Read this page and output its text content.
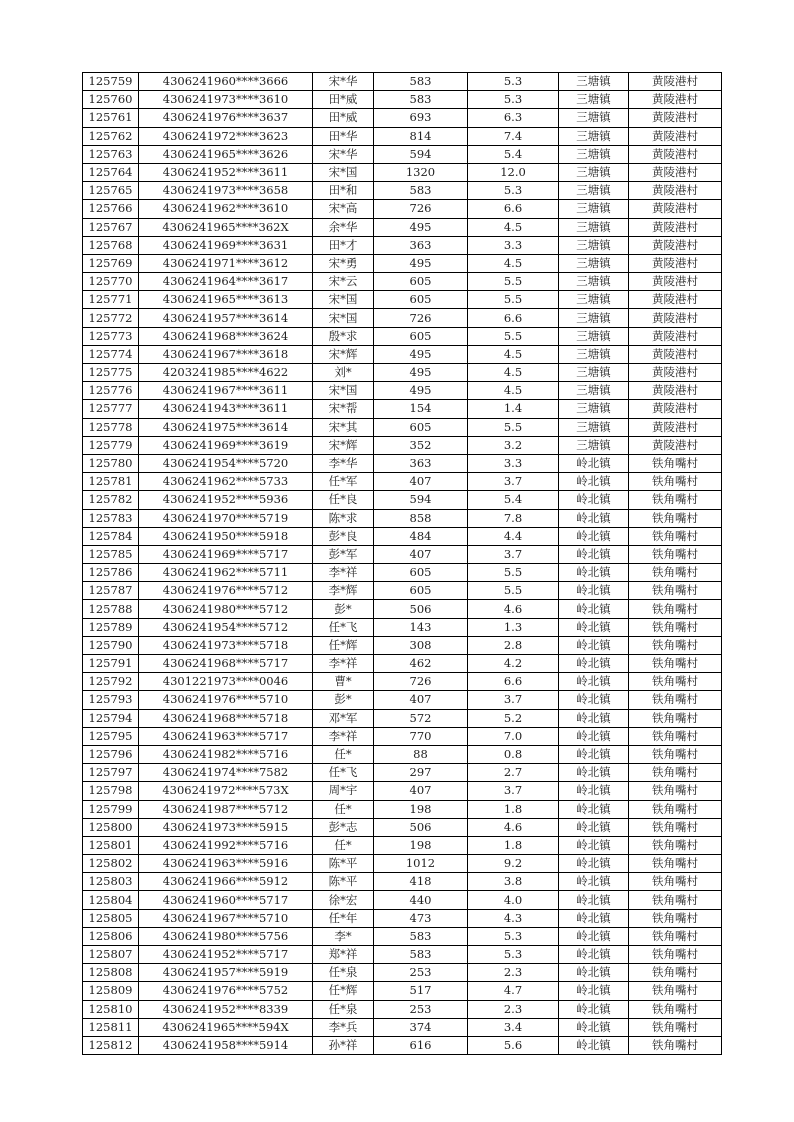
125759	4306241960****3666	宋*华	583	5.3	三塘镇	黄陵港村
125760	4306241973****3610	田*威	583	5.3	三塘镇	黄陵港村
125761	4306241976****3637	田*威	693	6.3	三塘镇	黄陵港村
125762	4306241972****3623	田*华	814	7.4	三塘镇	黄陵港村
125763	4306241965****3626	宋*华	594	5.4	三塘镇	黄陵港村
125764	4306241952****3611	宋*国	1320	12.0	三塘镇	黄陵港村
125765	4306241973****3658	田*和	583	5.3	三塘镇	黄陵港村
125766	4306241962****3610	宋*高	726	6.6	三塘镇	黄陵港村
125767	4306241965****362X	余*华	495	4.5	三塘镇	黄陵港村
125768	4306241969****3631	田*才	363	3.3	三塘镇	黄陵港村
125769	4306241971****3612	宋*勇	495	4.5	三塘镇	黄陵港村
125770	4306241964****3617	宋*云	605	5.5	三塘镇	黄陵港村
125771	4306241965****3613	宋*国	605	5.5	三塘镇	黄陵港村
125772	4306241957****3614	宋*国	726	6.6	三塘镇	黄陵港村
125773	4306241968****3624	殷*求	605	5.5	三塘镇	黄陵港村
125774	4306241967****3618	宋*辉	495	4.5	三塘镇	黄陵港村
125775	4203241985****4622	刘*	495	4.5	三塘镇	黄陵港村
125776	4306241967****3611	宋*国	495	4.5	三塘镇	黄陵港村
125777	4306241943****3611	宋*帮	154	1.4	三塘镇	黄陵港村
125778	4306241975****3614	宋*其	605	5.5	三塘镇	黄陵港村
125779	4306241969****3619	宋*辉	352	3.2	三塘镇	黄陵港村
125780	4306241954****5720	李*华	363	3.3	岭北镇	铁角嘴村
125781	4306241962****5733	任*军	407	3.7	岭北镇	铁角嘴村
125782	4306241952****5936	任*良	594	5.4	岭北镇	铁角嘴村
125783	4306241970****5719	陈*求	858	7.8	岭北镇	铁角嘴村
125784	4306241950****5918	彭*良	484	4.4	岭北镇	铁角嘴村
125785	4306241969****5717	彭*军	407	3.7	岭北镇	铁角嘴村
125786	4306241962****5711	李*祥	605	5.5	岭北镇	铁角嘴村
125787	4306241976****5712	李*辉	605	5.5	岭北镇	铁角嘴村
125788	4306241980****5712	彭*	506	4.6	岭北镇	铁角嘴村
125789	4306241954****5712	任*飞	143	1.3	岭北镇	铁角嘴村
125790	4306241973****5718	任*辉	308	2.8	岭北镇	铁角嘴村
125791	4306241968****5717	李*祥	462	4.2	岭北镇	铁角嘴村
125792	4301221973****0046	曹*	726	6.6	岭北镇	铁角嘴村
125793	4306241976****5710	彭*	407	3.7	岭北镇	铁角嘴村
125794	4306241968****5718	邓*军	572	5.2	岭北镇	铁角嘴村
125795	4306241963****5717	李*祥	770	7.0	岭北镇	铁角嘴村
125796	4306241982****5716	任*	88	0.8	岭北镇	铁角嘴村
125797	4306241974****7582	任*飞	297	2.7	岭北镇	铁角嘴村
125798	4306241972****573X	周*宇	407	3.7	岭北镇	铁角嘴村
125799	4306241987****5712	任*	198	1.8	岭北镇	铁角嘴村
125800	4306241973****5915	彭*志	506	4.6	岭北镇	铁角嘴村
125801	4306241992****5716	任*	198	1.8	岭北镇	铁角嘴村
125802	4306241963****5916	陈*平	1012	9.2	岭北镇	铁角嘴村
125803	4306241966****5912	陈*平	418	3.8	岭北镇	铁角嘴村
125804	4306241960****5717	徐*宏	440	4.0	岭北镇	铁角嘴村
125805	4306241967****5710	任*年	473	4.3	岭北镇	铁角嘴村
125806	4306241980****5756	李*	583	5.3	岭北镇	铁角嘴村
125807	4306241952****5717	郑*祥	583	5.3	岭北镇	铁角嘴村
125808	4306241957****5919	任*泉	253	2.3	岭北镇	铁角嘴村
125809	4306241976****5752	任*辉	517	4.7	岭北镇	铁角嘴村
125810	4306241952****8339	任*泉	253	2.3	岭北镇	铁角嘴村
125811	4306241965****594X	李*兵	374	3.4	岭北镇	铁角嘴村
125812	4306241958****5914	孙*祥	616	5.6	岭北镇	铁角嘴村
